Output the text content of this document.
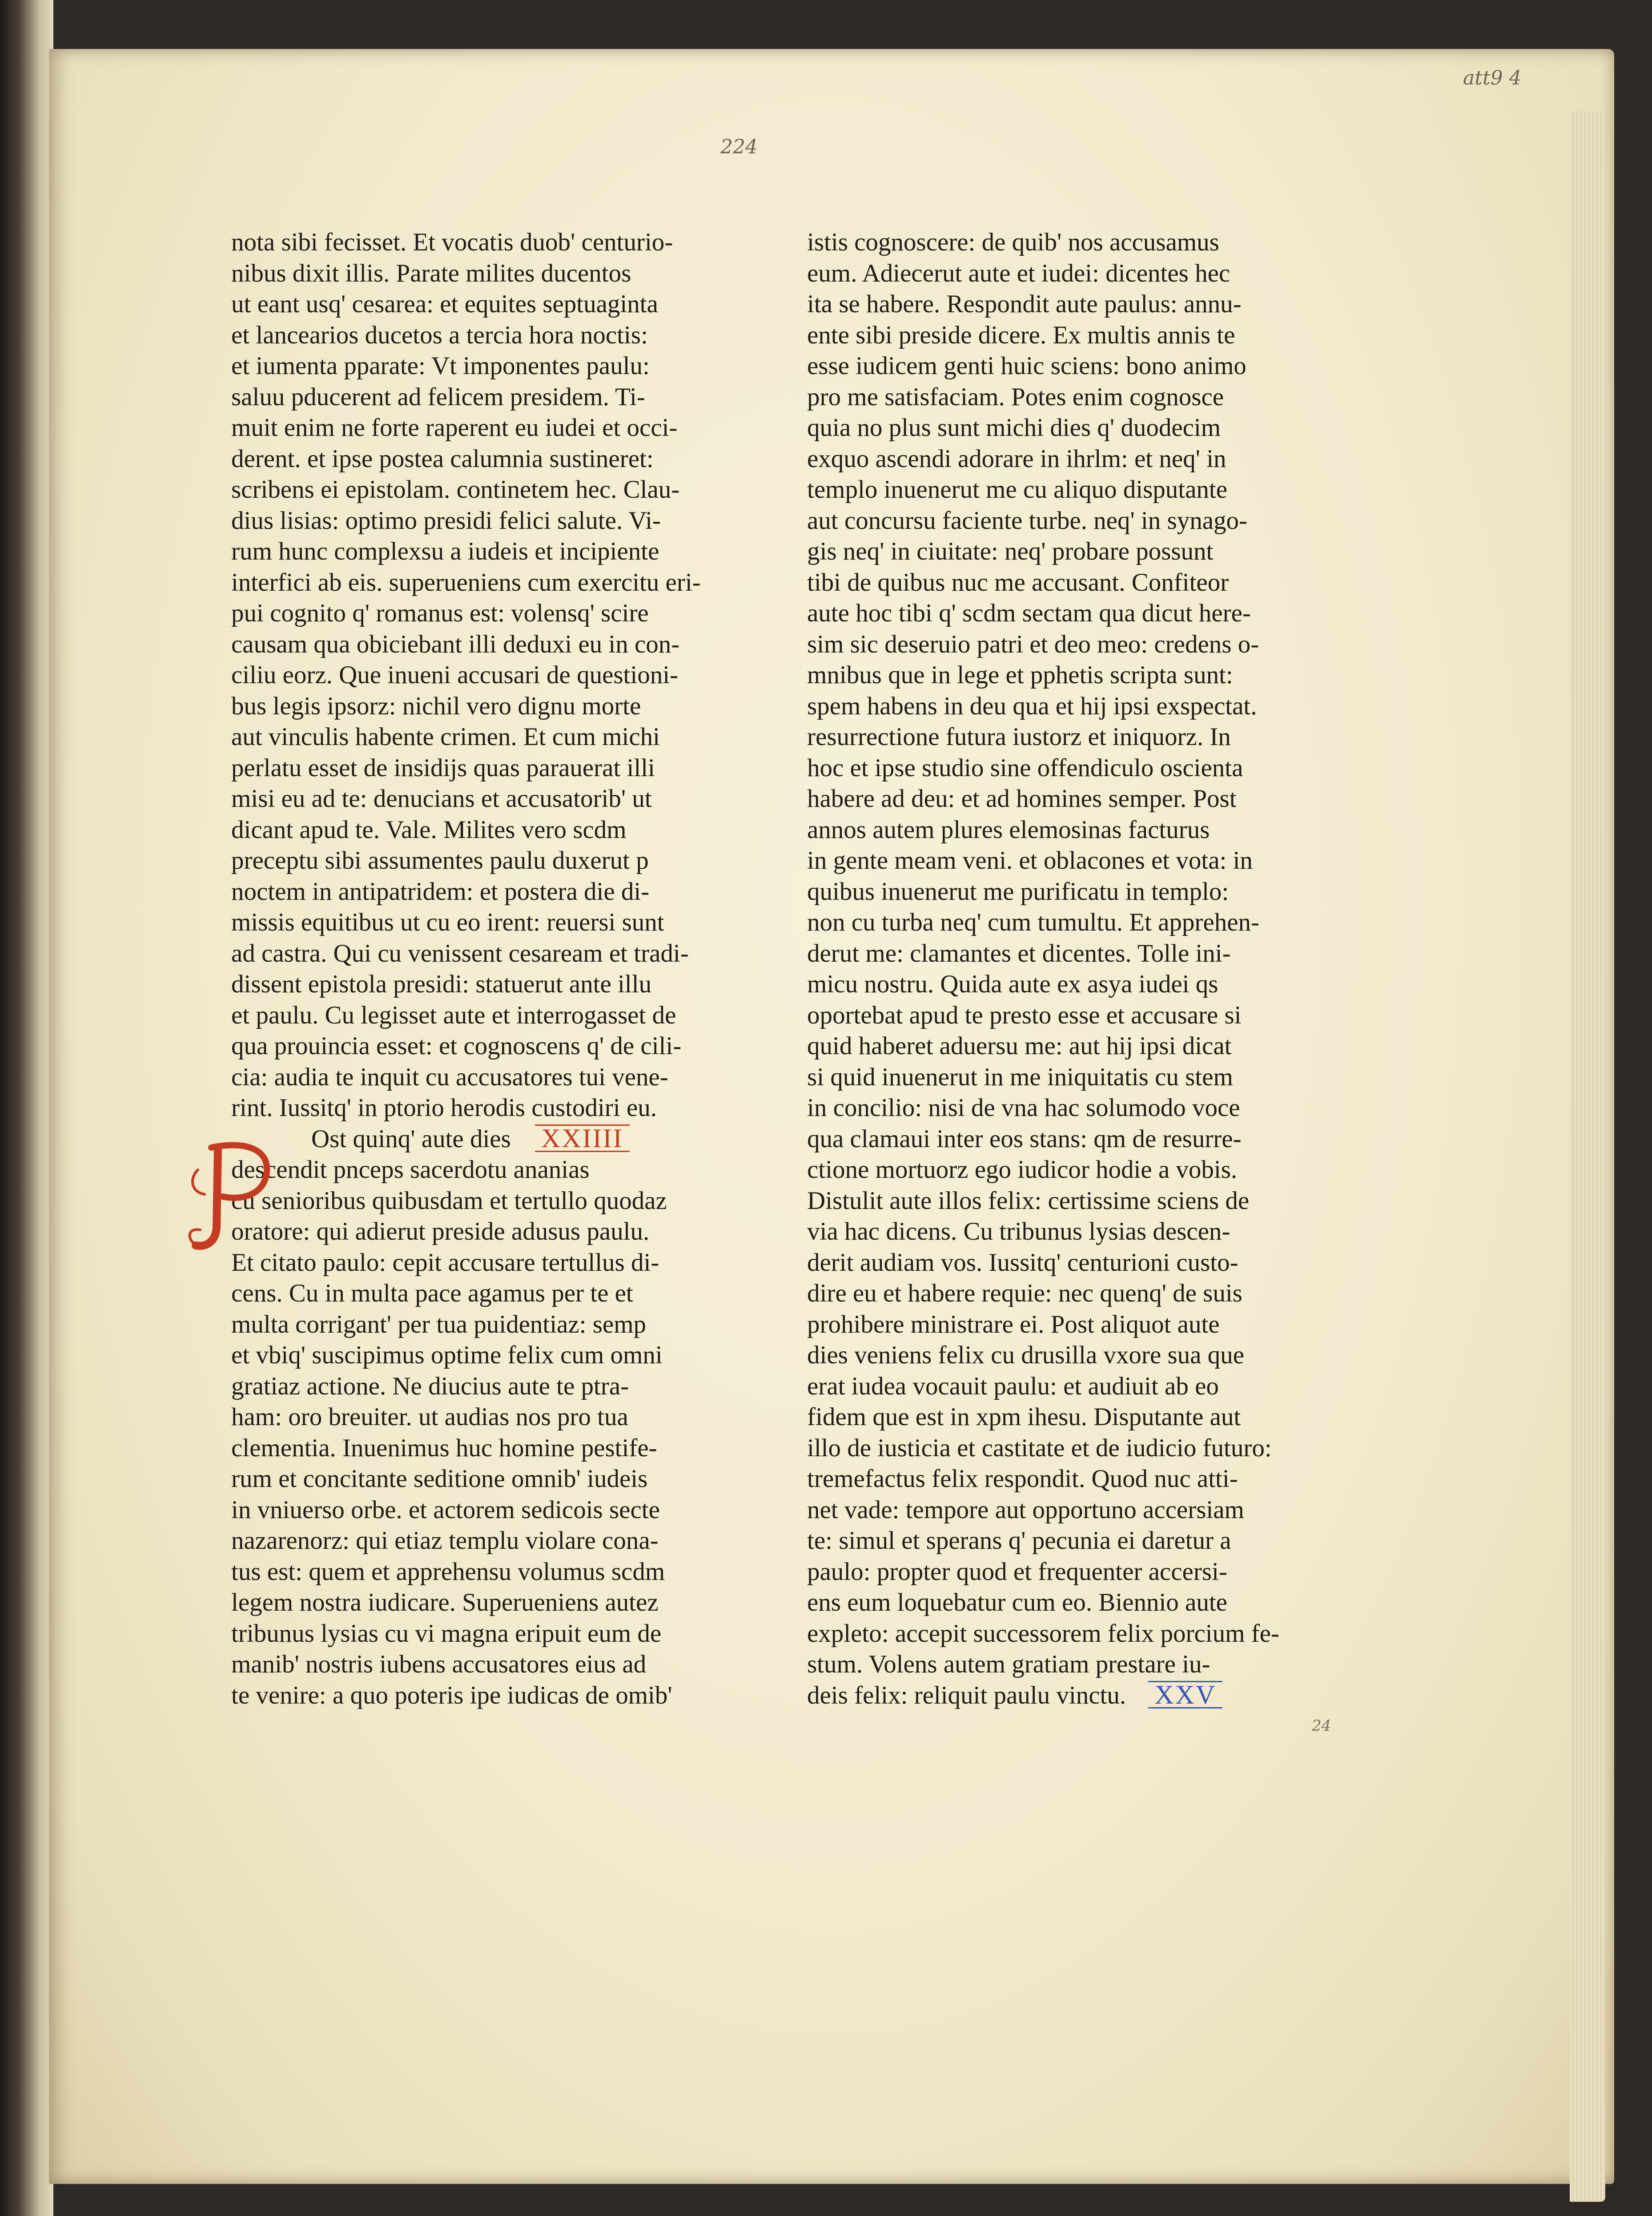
att9 4
224
nota sibi fecisset. Et vocatis duob' centurio-
nibus dixit illis. Parate milites ducentos
ut eant usq' cesarea: et equites septuaginta
et lancearios ducetos a tercia hora noctis:
et iumenta pparate: Vt imponentes paulu:
saluu pducerent ad felicem presidem. Ti-
muit enim ne forte raperent eu iudei et occi-
derent. et ipse postea calumnia sustineret:
scribens ei epistolam. continetem hec. Clau-
dius lisias: optimo presidi felici salute. Vi-
rum hunc complexsu a iudeis et incipiente
interfici ab eis. superueniens cum exercitu eri-
pui cognito q' romanus est: volensq' scire
causam qua obiciebant illi deduxi eu in con-
ciliu eorz. Que inueni accusari de questioni-
bus legis ipsorz: nichil vero dignu morte
aut vinculis habente crimen. Et cum michi
perlatu esset de insidijs quas parauerat illi
misi eu ad te: denucians et accusatorib' ut
dicant apud te. Vale. Milites vero scdm
preceptu sibi assumentes paulu duxerut p
noctem in antipatridem: et postera die di-
missis equitibus ut cu eo irent: reuersi sunt
ad castra. Qui cu venissent cesaream et tradi-
dissent epistola presidi: statuerut ante illu
et paulu. Cu legisset aute et interrogasset de
qua prouincia esset: et cognoscens q' de cili-
cia: audia te inquit cu accusatores tui vene-
rint. Iussitq' in ptorio herodis custodiri eu.
Ost quinq' aute dies XXIIII
descendit pnceps sacerdotu ananias
cu senioribus quibusdam et tertullo quodaz
oratore: qui adierut preside adusus paulu.
Et citato paulo: cepit accusare tertullus di-
cens. Cu in multa pace agamus per te et
multa corrigant' per tua puidentiaz: semp
et vbiq' suscipimus optime felix cum omni
gratiaz actione. Ne diucius aute te ptra-
ham: oro breuiter. ut audias nos pro tua
clementia. Inuenimus huc homine pestife-
rum et concitante seditione omnib' iudeis
in vniuerso orbe. et actorem sedicois secte
nazarenorz: qui etiaz templu violare cona-
tus est: quem et apprehensu volumus scdm
legem nostra iudicare. Superueniens autez
tribunus lysias cu vi magna eripuit eum de
manib' nostris iubens accusatores eius ad
te venire: a quo poteris ipe iudicas de omib'
istis cognoscere: de quib' nos accusamus
eum. Adiecerut aute et iudei: dicentes hec
ita se habere. Respondit aute paulus: annu-
ente sibi preside dicere. Ex multis annis te
esse iudicem genti huic sciens: bono animo
pro me satisfaciam. Potes enim cognosce
quia no plus sunt michi dies q' duodecim
exquo ascendi adorare in ihrlm: et neq' in
templo inuenerut me cu aliquo disputante
aut concursu faciente turbe. neq' in synago-
gis neq' in ciuitate: neq' probare possunt
tibi de quibus nuc me accusant. Confiteor
aute hoc tibi q' scdm sectam qua dicut here-
sim sic deseruio patri et deo meo: credens o-
mnibus que in lege et pphetis scripta sunt:
spem habens in deu qua et hij ipsi exspectat.
resurrectione futura iustorz et iniquorz. In
hoc et ipse studio sine offendiculo oscienta
habere ad deu: et ad homines semper. Post
annos autem plures elemosinas facturus
in gente meam veni. et oblacones et vota: in
quibus inuenerut me purificatu in templo:
non cu turba neq' cum tumultu. Et apprehen-
derut me: clamantes et dicentes. Tolle ini-
micu nostru. Quida aute ex asya iudei qs
oportebat apud te presto esse et accusare si
quid haberet aduersu me: aut hij ipsi dicat
si quid inuenerut in me iniquitatis cu stem
in concilio: nisi de vna hac solumodo voce
qua clamaui inter eos stans: qm de resurre-
ctione mortuorz ego iudicor hodie a vobis.
Distulit aute illos felix: certissime sciens de
via hac dicens. Cu tribunus lysias descen-
derit audiam vos. Iussitq' centurioni custo-
dire eu et habere requie: nec quenq' de suis
prohibere ministrare ei. Post aliquot aute
dies veniens felix cu drusilla vxore sua que
erat iudea vocauit paulu: et audiuit ab eo
fidem que est in xpm ihesu. Disputante aut
illo de iusticia et castitate et de iudicio futuro:
tremefactus felix respondit. Quod nuc atti-
net vade: tempore aut opportuno accersiam
te: simul et sperans q' pecunia ei daretur a
paulo: propter quod et frequenter accersi-
ens eum loquebatur cum eo. Biennio aute
expleto: accepit successorem felix porcium fe-
stum. Volens autem gratiam prestare iu-
deis felix: reliquit paulu vinctu. XXV
24
